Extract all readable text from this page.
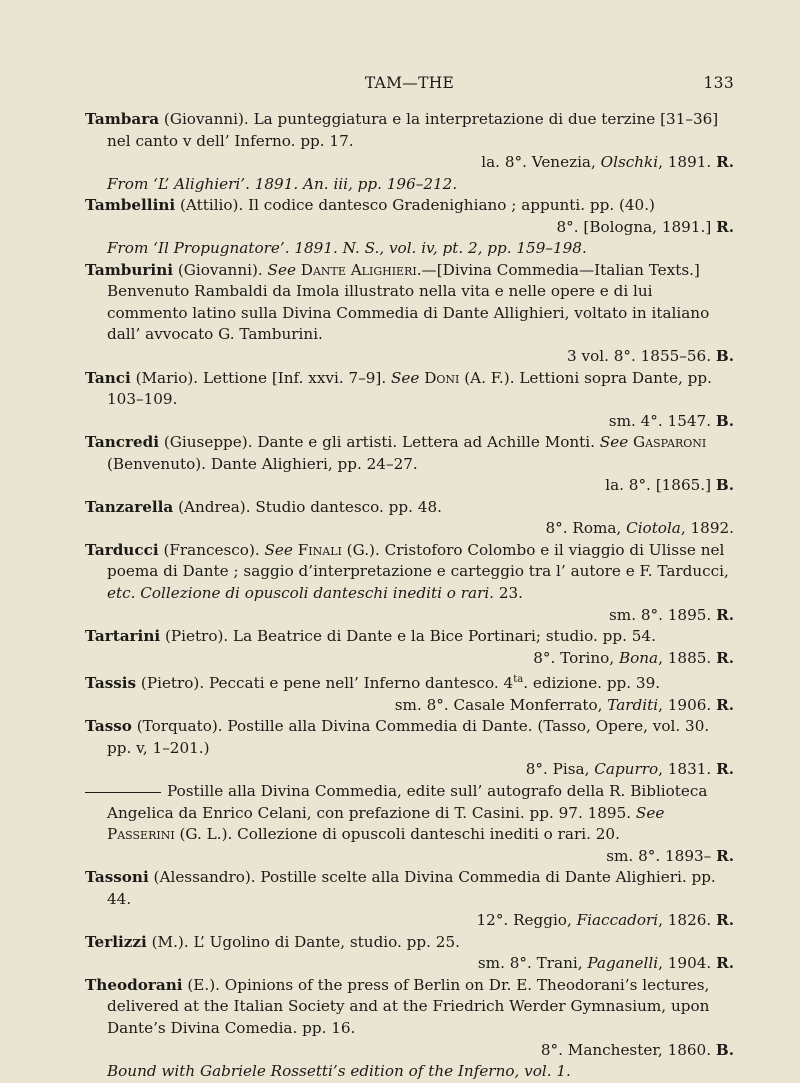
TAM—THE	133
Tambara (Giovanni). La punteggiatura e la interpretazione di due terzine [31–36] nel canto v dell’ Inferno. pp. 17.
la. 8°. Venezia, Olschki, 1891. R.
From ‘L’ Alighieri’. 1891. An. iii, pp. 196–212.
Tambellini (Attilio). Il codice dantesco Gradenighiano ; appunti. pp. (40.)
8°. [Bologna, 1891.] R.
From ‘Il Propugnatore’. 1891. N. S., vol. iv, pt. 2, pp. 159–198.
Tamburini (Giovanni). See Dante Alighieri.—[Divina Commedia—Italian Texts.] Benvenuto Rambaldi da Imola illustrato nella vita e nelle opere e di lui commento latino sulla Divina Commedia di Dante Allighieri, voltato in italiano dall’ avvocato G. Tamburini.
3 vol. 8°. 1855–56. B.
Tanci (Mario). Lettione [Inf. xxvi. 7–9]. See Doni (A. F.). Lettioni sopra Dante, pp. 103–109.
sm. 4°. 1547. B.
Tancredi (Giuseppe). Dante e gli artisti. Lettera ad Achille Monti. See Gasparoni (Benvenuto). Dante Alighieri, pp. 24–27.
la. 8°. [1865.] B.
Tanzarella (Andrea). Studio dantesco. pp. 48.
8°. Roma, Ciotola, 1892.
Tarducci (Francesco). See Finali (G.). Cristoforo Colombo e il viaggio di Ulisse nel poema di Dante ; saggio d’interpretazione e carteggio tra l’ autore e F. Tarducci, etc. Collezione di opuscoli danteschi inediti o rari. 23.
sm. 8°. 1895. R.
Tartarini (Pietro). La Beatrice di Dante e la Bice Portinari; studio. pp. 54.
8°. Torino, Bona, 1885. R.
Tassis (Pietro). Peccati e pene nell’ Inferno dantesco. $4^{ta}$. edizione. pp. 39.
sm. 8°. Casale Monferrato, Tarditi, 1906. R.
Tasso (Torquato). Postille alla Divina Commedia di Dante. (Tasso, Opere, vol. 30. pp. v, 1–201.)
8°. Pisa, Capurro, 1831. R.
Postille alla Divina Commedia, edite sull’ autografo della R. Biblioteca Angelica da Enrico Celani, con prefazione di T. Casini. pp. 97. 1895. See Passerini (G. L.). Collezione di opuscoli danteschi inediti o rari. 20.
sm. 8°. 1893– R.
Tassoni (Alessandro). Postille scelte alla Divina Commedia di Dante Alighieri. pp. 44.
12°. Reggio, Fiaccadori, 1826. R.
Terlizzi (M.). L’ Ugolino di Dante, studio. pp. 25.
sm. 8°. Trani, Paganelli, 1904. R.
Theodorani (E.). Opinions of the press of Berlin on Dr. E. Theodorani’s lectures, delivered at the Italian Society and at the Friedrich Werder Gymnasium, upon Dante’s Divina Comedia. pp. 16.
8°. Manchester, 1860. B.
Bound with Gabriele Rossetti’s edition of the Inferno, vol. 1.
